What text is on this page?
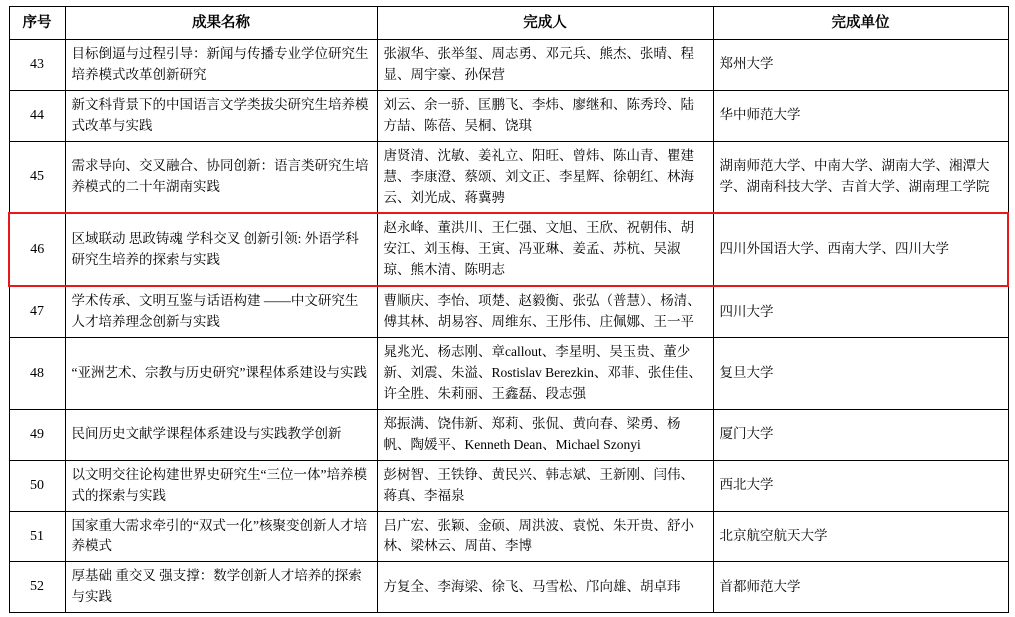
序号	成果名称	完成人	完成单位
43	目标倒逼与过程引导：新闻与传播专业学位研究生培养模式改革创新研究	张淑华、张举玺、周志勇、邓元兵、熊杰、张晴、程显、周宇豪、孙保营	郑州大学
44	新文科背景下的中国语言文学类拔尖研究生培养模式改革与实践	刘云、余一骄、匡鹏飞、李炜、廖继和、陈秀玲、陆方喆、陈蓓、吴桐、饶琪	华中师范大学
45	需求导向、交叉融合、协同创新：语言类研究生培养模式的二十年湖南实践	唐贤清、沈敏、姜礼立、阳旺、曾炜、陈山青、瞿建慧、李康澄、蔡颂、刘文正、李星辉、徐朝红、林海云、刘光成、蒋冀骋	湖南师范大学、中南大学、湖南大学、湘潭大学、湖南科技大学、吉首大学、湖南理工学院
46	区域联动 思政铸魂 学科交叉 创新引领: 外语学科研究生培养的探索与实践	赵永峰、董洪川、王仁强、文旭、王欣、祝朝伟、胡安江、刘玉梅、王寅、冯亚琳、姜孟、苏杭、吴淑琼、熊木清、陈明志	四川外国语大学、西南大学、四川大学
47	学术传承、文明互鉴与话语构建 ——中文研究生人才培养理念创新与实践	曹顺庆、李怡、项楚、赵毅衡、张弘（普慧）、杨清、傅其林、胡易容、周维东、王彤伟、庄佩娜、王一平	四川大学
48	“亚洲艺术、宗教与历史研究”课程体系建设与实践	晁兆光、杨志刚、章callout、李星明、吴玉贵、董少新、刘震、朱溢、Rostislav Berezkin、邓菲、张佳佳、许全胜、朱莉丽、王鑫磊、段志强	复旦大学
49	民间历史文献学课程体系建设与实践教学创新	郑振满、饶伟新、郑莉、张侃、黄向春、梁勇、杨帆、陶媛平、Kenneth Dean、Michael Szonyi	厦门大学
50	以文明交往论构建世界史研究生“三位一体”培养模式的探索与实践	彭树智、王铁铮、黄民兴、韩志斌、王新刚、闫伟、蒋真、李福泉	西北大学
51	国家重大需求牵引的“双式一化”核聚变创新人才培养模式	吕广宏、张颖、金硕、周洪波、袁悦、朱开贵、舒小林、梁林云、周苗、李博	北京航空航天大学
52	厚基础 重交叉 强支撑：数学创新人才培养的探索与实践	方复全、李海梁、徐飞、马雪松、邝向雄、胡卓玮	首都师范大学
